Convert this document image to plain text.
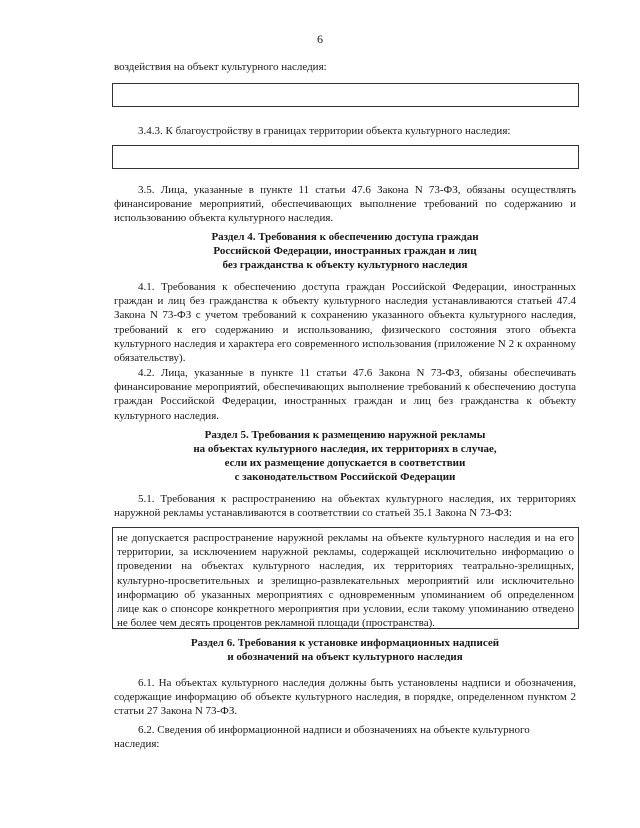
6
воздействия на объект культурного наследия:
3.4.3. К благоустройству в границах территории объекта культурного наследия:
3.5. Лица, указанные в пункте 11 статьи 47.6 Закона N 73-ФЗ, обязаны осуществлять финансирование мероприятий, обеспечивающих выполнение требований по содержанию и использованию объекта культурного наследия.
Раздел 4. Требования к обеспечению доступа граждан
Российской Федерации, иностранных граждан и лиц
без гражданства к объекту культурного наследия
4.1. Требования к обеспечению доступа граждан Российской Федерации, иностранных граждан и лиц без гражданства к объекту культурного наследия устанавливаются статьей 47.4 Закона N 73-ФЗ с учетом требований к сохранению указанного объекта культурного наследия, требований к его содержанию и использованию, физического состояния этого объекта культурного наследия и характера его современного использования (приложение N 2 к охранному обязательству).
4.2. Лица, указанные в пункте 11 статьи 47.6 Закона N 73-ФЗ, обязаны обеспечивать финансирование мероприятий, обеспечивающих выполнение требований к обеспечению доступа граждан Российской Федерации, иностранных граждан и лиц без гражданства к объекту культурного наследия.
Раздел 5. Требования к размещению наружной рекламы
на объектах культурного наследия, их территориях в случае,
если их размещение допускается в соответствии
с законодательством Российской Федерации
5.1. Требования к распространению на объектах культурного наследия, их территориях наружной рекламы устанавливаются в соответствии со статьей 35.1 Закона N 73-ФЗ:
не допускается распространение наружной рекламы на объекте культурного наследия и на его территории, за исключением наружной рекламы, содержащей исключительно информацию о проведении на объектах культурного наследия, их территориях театрально-зрелищных, культурно-просветительных и зрелищно-развлекательных мероприятий или исключительно информацию об указанных мероприятиях с одновременным упоминанием об определенном лице как о спонсоре конкретного мероприятия при условии, если такому упоминанию отведено не более чем десять процентов рекламной площади (пространства).
Раздел 6. Требования к установке информационных надписей
и обозначений на объект культурного наследия
6.1. На объектах культурного наследия должны быть установлены надписи и обозначения, содержащие информацию об объекте культурного наследия, в порядке, определенном пунктом 2 статьи 27 Закона N 73-ФЗ.
6.2. Сведения об информационной надписи и обозначениях на объекте культурного наследия:
